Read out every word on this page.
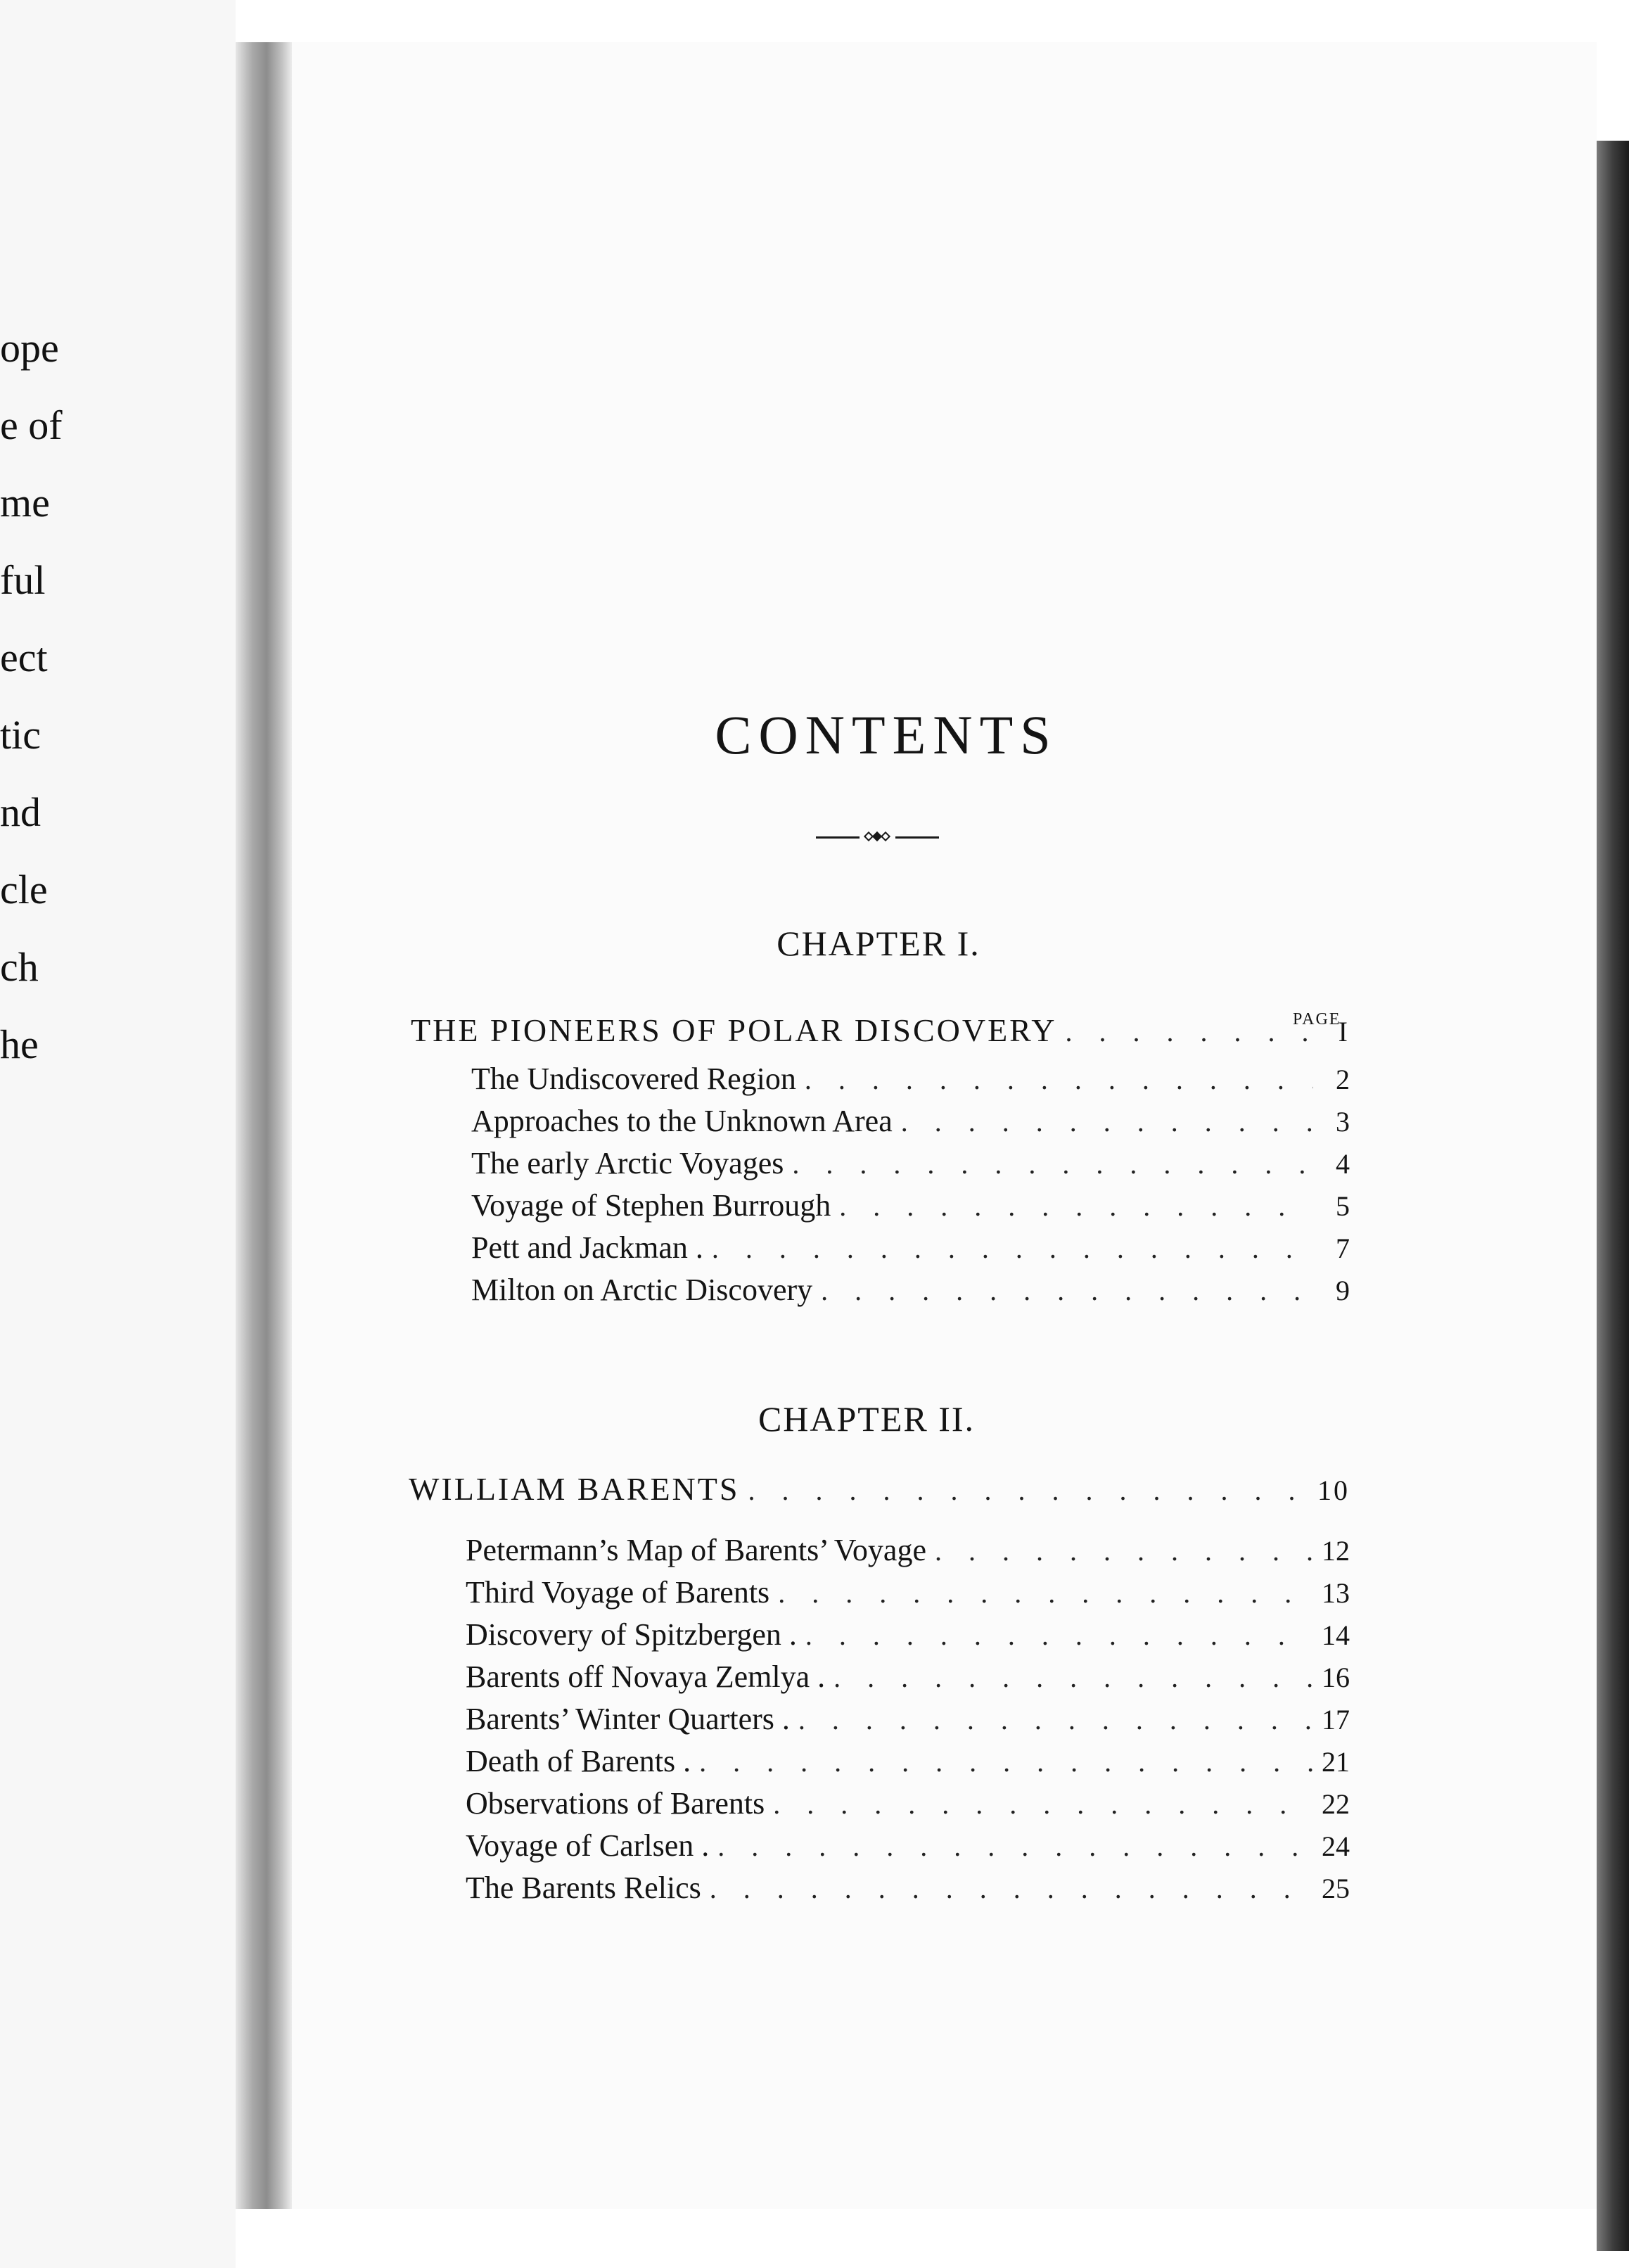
ope
e of
me
ful
ect
tic
nd
cle
ch
he
CONTENTS
CHAPTER I.
PAGE
THE PIONEERS OF POLAR DISCOVERY .....	I
The Undiscovered Region .....	2
Approaches to the Unknown Area .....	3
The early Arctic Voyages .....	4
Voyage of Stephen Burrough .....	5
Pett and Jackman . .....	7
Milton on Arctic Discovery .....	9
CHAPTER II.
WILLIAM BARENTS .....	10
Petermann’s Map of Barents’ Voyage .....	12
Third Voyage of Barents .....	13
Discovery of Spitzbergen . .....	14
Barents off Novaya Zemlya . .....	16
Barents’ Winter Quarters . .....	17
Death of Barents . .....	21
Observations of Barents .....	22
Voyage of Carlsen . .....	24
The Barents Relics .....	25
